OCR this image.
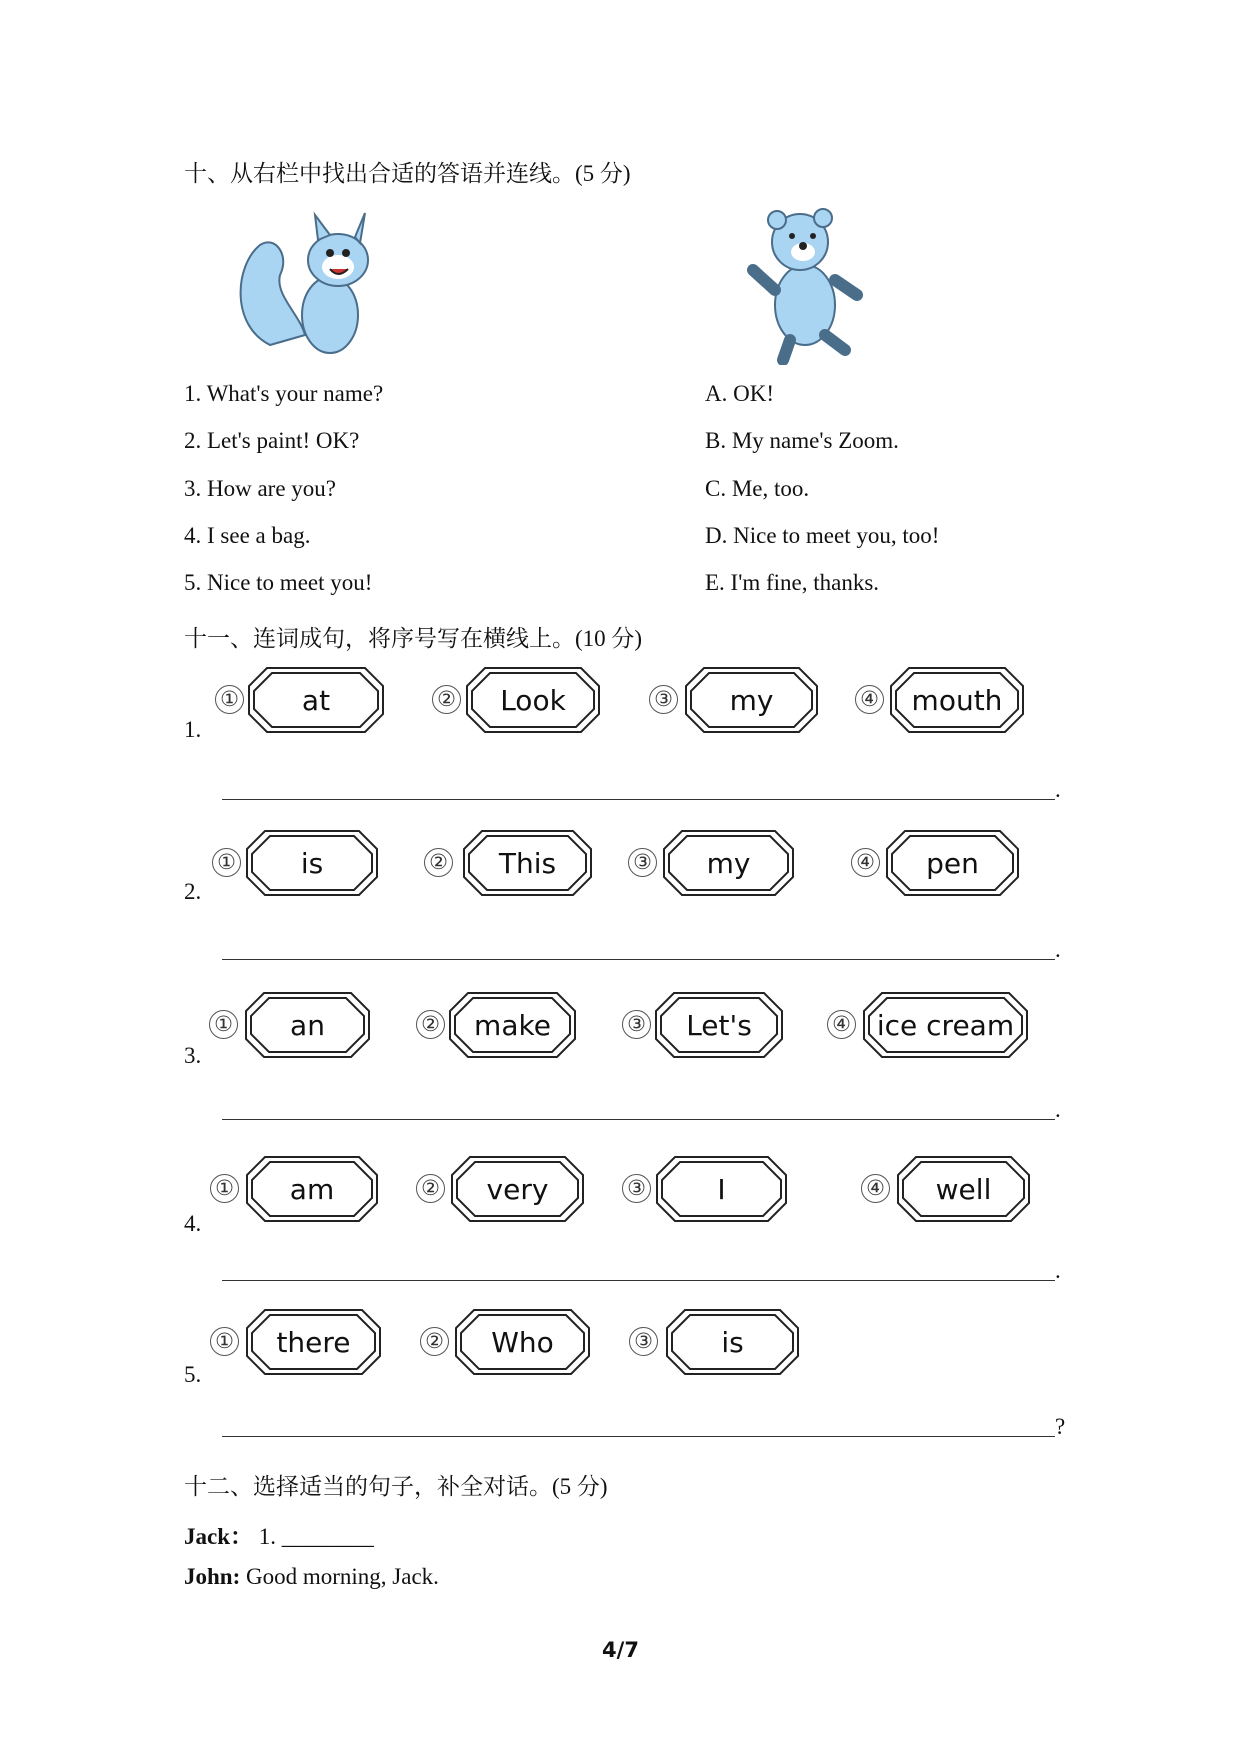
十、从右栏中找出合适的答语并连线。(5 分)
1. What's your name?	A. OK!
2. Let's paint! OK?	B. My name's Zoom.
3. How are you?	C. Me, too.
4. I see a bag.	D. Nice to meet you, too!
5. Nice to meet you!	E. I'm fine, thanks.
十一、连词成句，将序号写在横线上。(10 分)
1.
①	at	②	Look	③	my	④	mouth
.
2.
①	is	②	This	③	my	④	pen
.
3.
①	an	②	make	③	Let's	④ ice cream
.
4.
①	am	②	very	③	I	④	well
.
5.
①	there	②	Who	③	is
?
十二、选择适当的句子，补全对话。(5 分)
Jack： 1. ________
John: Good morning, Jack.
4/7
